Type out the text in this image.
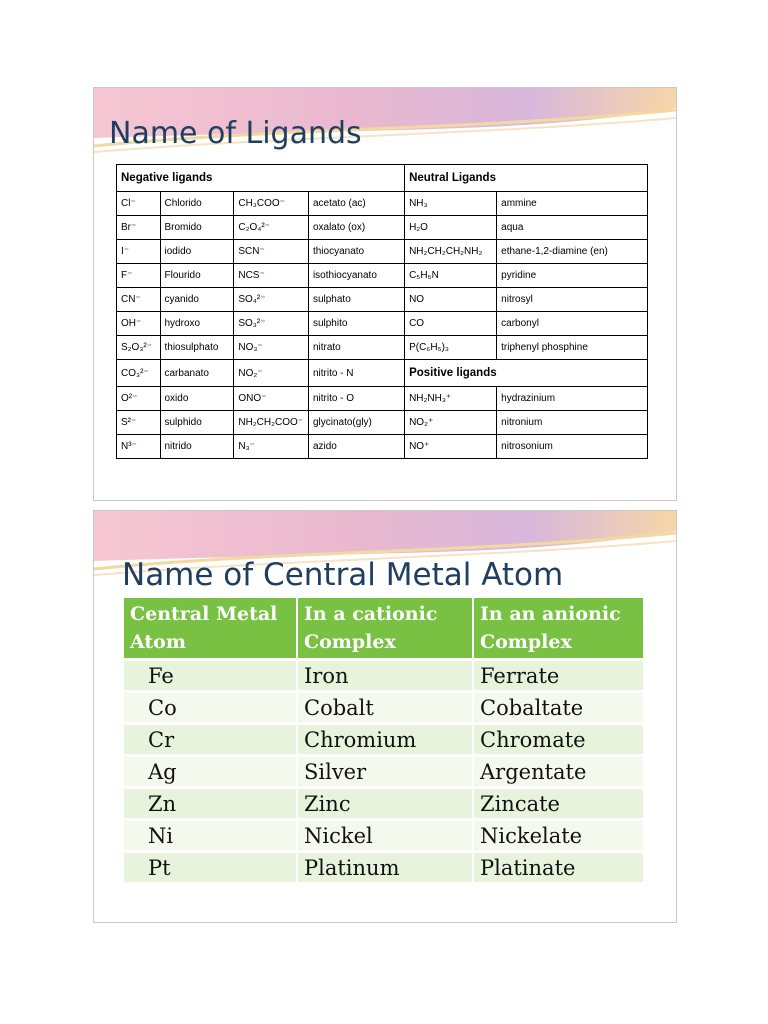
Name of Ligands
Negative ligands				Neutral Ligands	
Cl⁻	Chlorido	CH₃COO⁻	acetato (ac)	NH₃	ammine
Br⁻	Bromido	C₂O₄²⁻	oxalato (ox)	H₂O	aqua
I⁻	iodido	SCN⁻	thiocyanato	NH₂CH₂CH₂NH₂	ethane-1,2-diamine (en)
F⁻	Flourido	NCS⁻	isothiocyanato	C₅H₅N	pyridine
CN⁻	cyanido	SO₄²⁻	sulphato	NO	nitrosyl
OH⁻	hydroxo	SO₃²⁻	sulphito	CO	carbonyl
S₂O₃²⁻	thiosulphato	NO₃⁻	nitrato	P(C₆H₅)₃	triphenyl phosphine
CO₃²⁻	carbanato	NO₂⁻	nitrito - N	Positive ligands	
O²⁻	oxido	ONO⁻	nitrito - O	NH₂NH₃⁺	hydrazinium
S²⁻	sulphido	NH₂CH₂COO⁻	glycinato(gly)	NO₂⁺	nitronium
N³⁻	nitrido	N₃⁻	azido	NO⁺	nitrosonium
Name of Central Metal Atom
Central Metal Atom	In a cationic Complex	In an anionic Complex
Fe	Iron	Ferrate
Co	Cobalt	Cobaltate
Cr	Chromium	Chromate
Ag	Silver	Argentate
Zn	Zinc	Zincate
Ni	Nickel	Nickelate
Pt	Platinum	Platinate
